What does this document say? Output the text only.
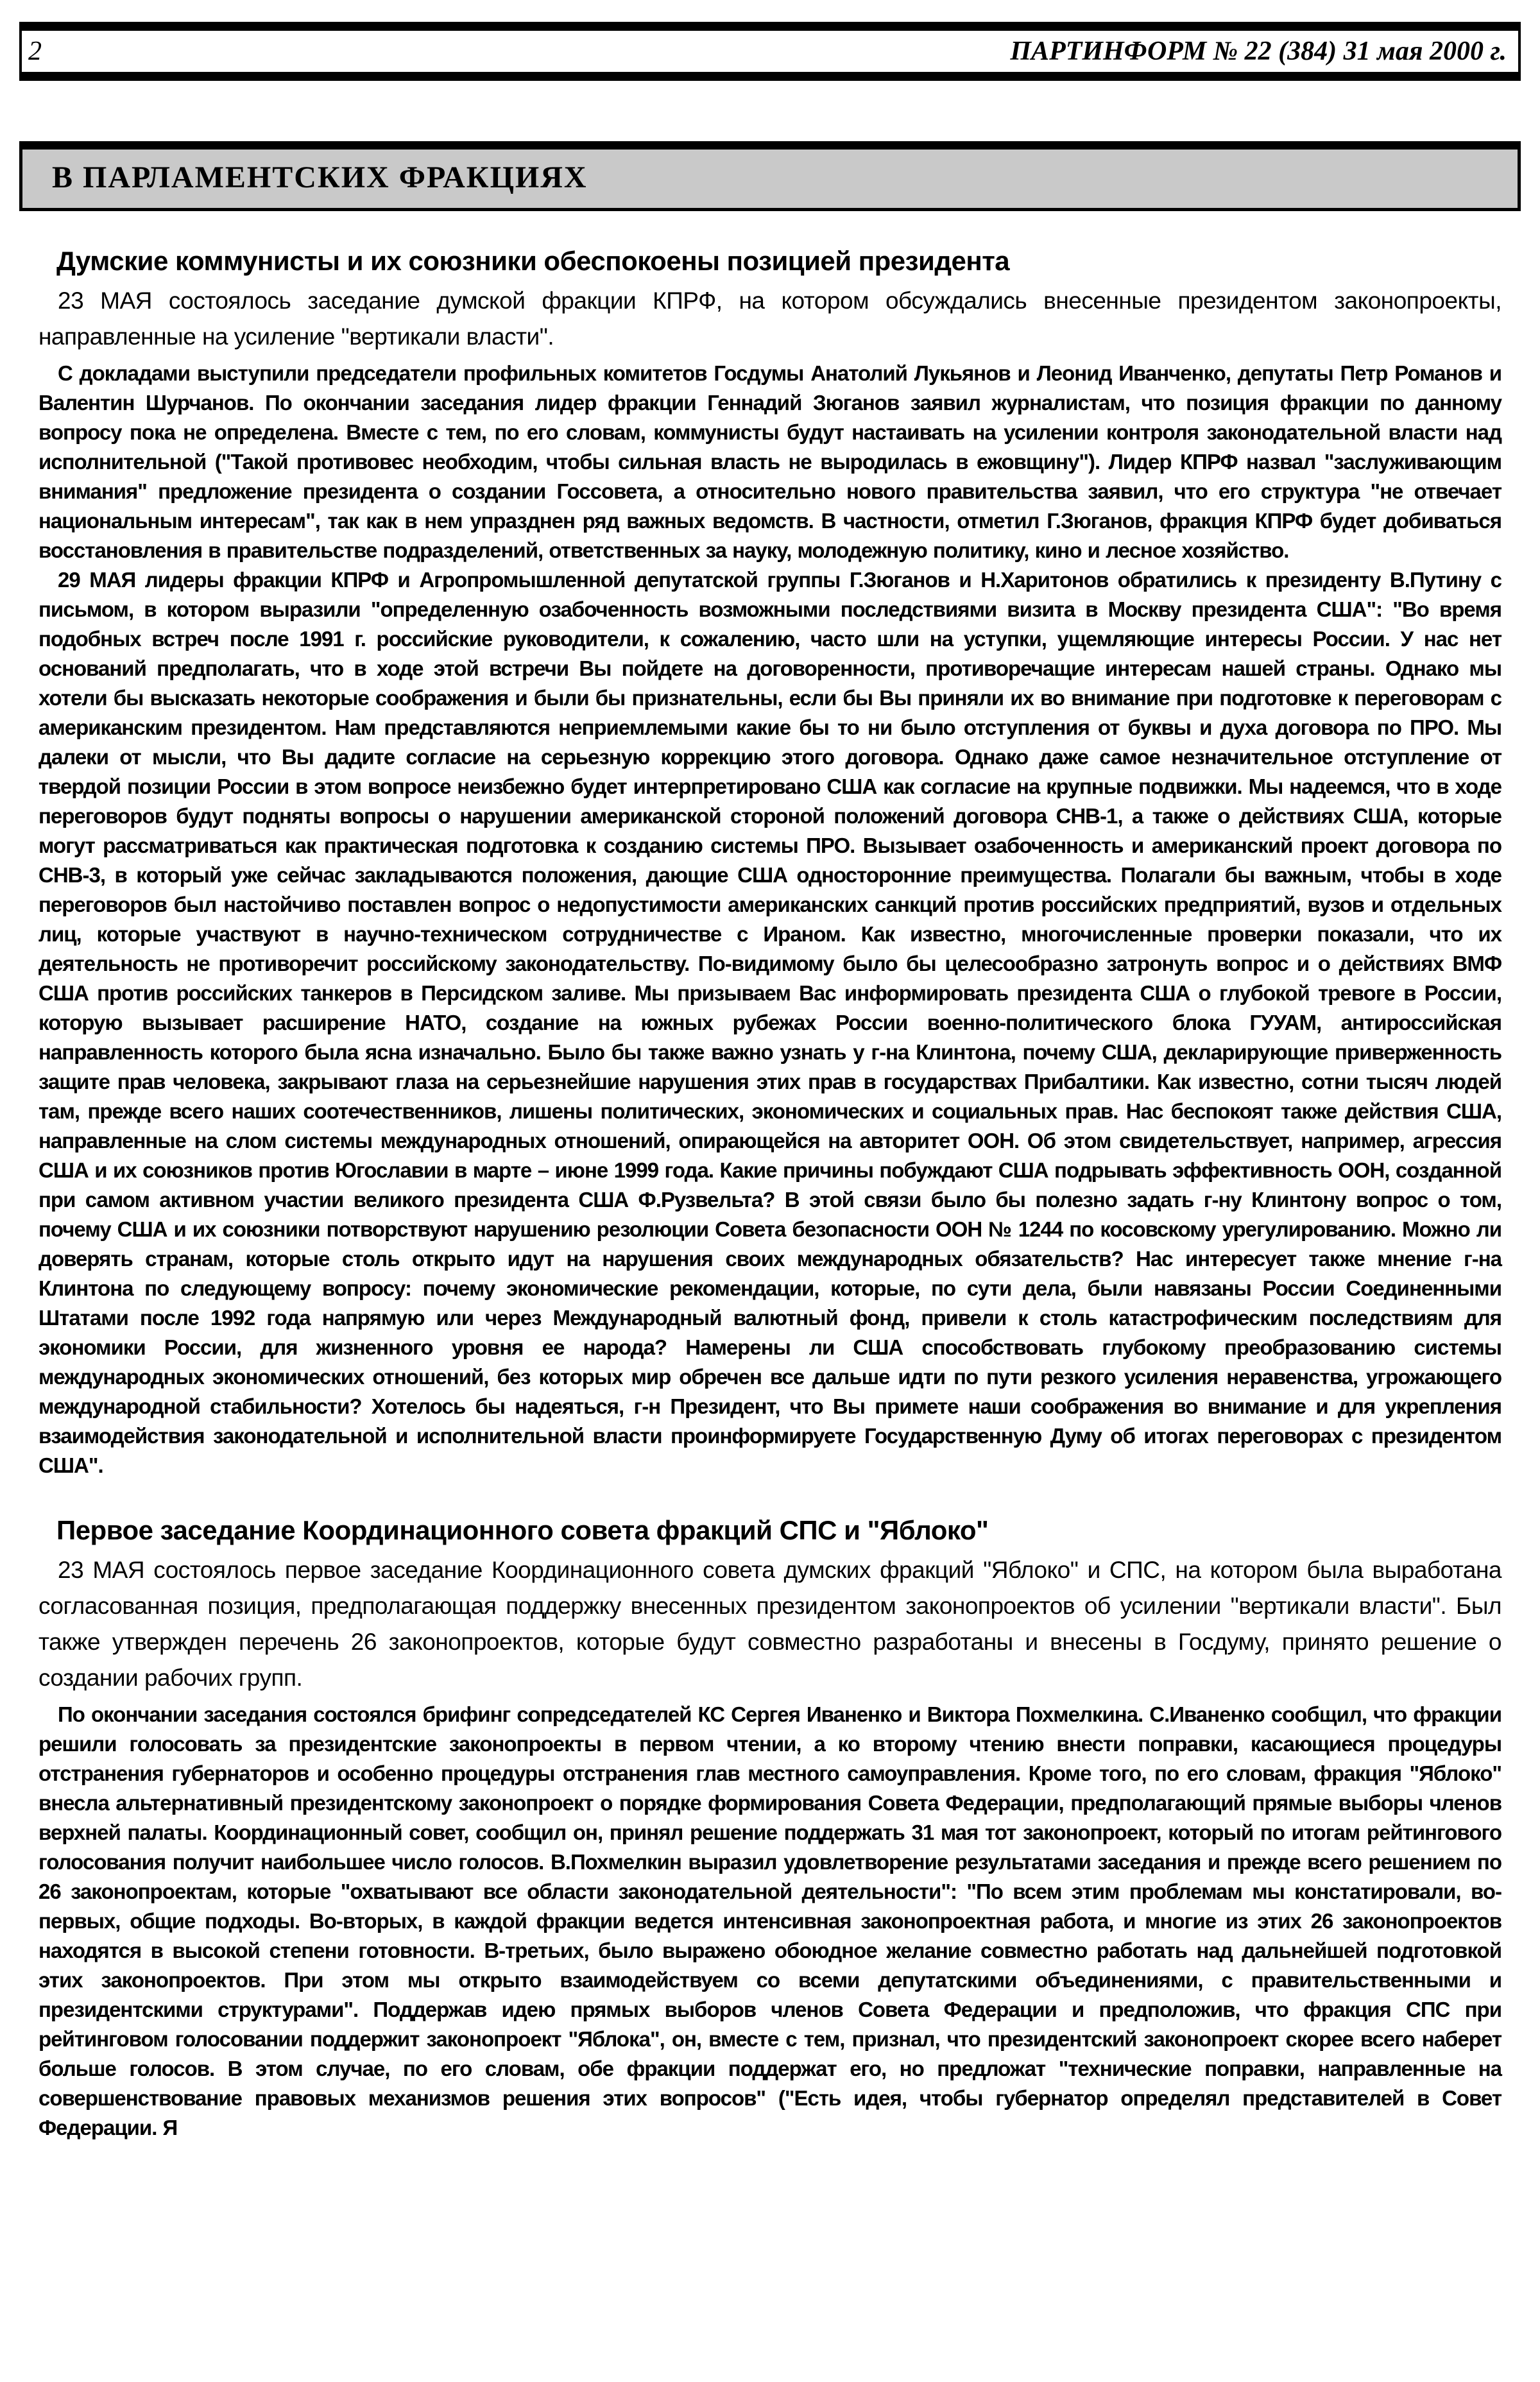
2	ПАРТИНФОРМ № 22 (384) 31 мая 2000 г.
В ПАРЛАМЕНТСКИХ ФРАКЦИЯХ
Думские коммунисты и их союзники обеспокоены позицией президента

23 МАЯ состоялось заседание думской фракции КПРФ, на котором обсуждались внесенные президентом законопроекты, направленные на усиление "вертикали власти".

С докладами выступили председатели профильных комитетов Госдумы Анатолий Лукьянов и Леонид Иванченко, депутаты Петр Романов и Валентин Шурчанов. По окончании заседания лидер фракции Геннадий Зюганов заявил журналистам, что позиция фракции по данному вопросу пока не определена. Вместе с тем, по его словам, коммунисты будут настаивать на усилении контроля законодательной власти над исполнительной ("Такой противовес необходим, чтобы сильная власть не выродилась в ежовщину"). Лидер КПРФ назвал "заслуживающим внимания" предложение президента о создании Госсовета, а относительно нового правительства заявил, что его структура "не отвечает национальным интересам", так как в нем упразднен ряд важных ведомств. В частности, отметил Г.Зюганов, фракция КПРФ будет добиваться восстановления в правительстве подразделений, ответственных за науку, молодежную политику, кино и лесное хозяйство.

29 МАЯ лидеры фракции КПРФ и Агропромышленной депутатской группы Г.Зюганов и Н.Харитонов обратились к президенту В.Путину с письмом, в котором выразили "определенную озабоченность возможными последствиями визита в Москву президента США": "Во время подобных встреч после 1991 г. российские руководители, к сожалению, часто шли на уступки, ущемляющие интересы России. У нас нет оснований предполагать, что в ходе этой встречи Вы пойдете на договоренности, противоречащие интересам нашей страны. Однако мы хотели бы высказать некоторые соображения и были бы признательны, если бы Вы приняли их во внимание при подготовке к переговорам с американским президентом. Нам представляются неприемлемыми какие бы то ни было отступления от буквы и духа договора по ПРО. Мы далеки от мысли, что Вы дадите согласие на серьезную коррекцию этого договора. Однако даже самое незначительное отступление от твердой позиции России в этом вопросе неизбежно будет интерпретировано США как согласие на крупные подвижки. Мы надеемся, что в ходе переговоров будут подняты вопросы о нарушении американской стороной положений договора СНВ-1, а также о действиях США, которые могут рассматриваться как практическая подготовка к созданию системы ПРО. Вызывает озабоченность и американский проект договора по СНВ-3, в который уже сейчас закладываются положения, дающие США односторонние преимущества. Полагали бы важным, чтобы в ходе переговоров был настойчиво поставлен вопрос о недопустимости американских санкций против российских предприятий, вузов и отдельных лиц, которые участвуют в научно-техническом сотрудничестве с Ираном. Как известно, многочисленные проверки показали, что их деятельность не противоречит российскому законодательству. По-видимому было бы целесообразно затронуть вопрос и о действиях ВМФ США против российских танкеров в Персидском заливе. Мы призываем Вас информировать президента США о глубокой тревоге в России, которую вызывает расширение НАТО, создание на южных рубежах России военно-политического блока ГУУАМ, антироссийская направленность которого была ясна изначально. Было бы также важно узнать у г-на Клинтона, почему США, декларирующие приверженность защите прав человека, закрывают глаза на серьезнейшие нарушения этих прав в государствах Прибалтики. Как известно, сотни тысяч людей там, прежде всего наших соотечественников, лишены политических, экономических и социальных прав. Нас беспокоят также действия США, направленные на слом системы международных отношений, опирающейся на авторитет ООН. Об этом свидетельствует, например, агрессия США и их союзников против Югославии в марте – июне 1999 года. Какие причины побуждают США подрывать эффективность ООН, созданной при самом активном участии великого президента США Ф.Рузвельта? В этой связи было бы полезно задать г-ну Клинтону вопрос о том, почему США и их союзники потворствуют нарушению резолюции Совета безопасности ООН № 1244 по косовскому урегулированию. Можно ли доверять странам, которые столь открыто идут на нарушения своих международных обязательств? Нас интересует также мнение г-на Клинтона по следующему вопросу: почему экономические рекомендации, которые, по сути дела, были навязаны России Соединенными Штатами после 1992 года напрямую или через Международный валютный фонд, привели к столь катастрофическим последствиям для экономики России, для жизненного уровня ее народа? Намерены ли США способствовать глубокому преобразованию системы международных экономических отношений, без которых мир обречен все дальше идти по пути резкого усиления неравенства, угрожающего международной стабильности? Хотелось бы надеяться, г-н Президент, что Вы примете наши соображения во внимание и для укрепления взаимодействия законодательной и исполнительной власти проинформируете Государственную Думу об итогах переговорах с президентом США".

Первое заседание Координационного совета фракций СПС и "Яблоко"

23 МАЯ состоялось первое заседание Координационного совета думских фракций "Яблоко" и СПС, на котором была выработана согласованная позиция, предполагающая поддержку внесенных президентом законопроектов об усилении "вертикали власти". Был также утвержден перечень 26 законопроектов, которые будут совместно разработаны и внесены в Госдуму, принято решение о создании рабочих групп.

По окончании заседания состоялся брифинг сопредседателей КС Сергея Иваненко и Виктора Похмелкина. С.Иваненко сообщил, что фракции решили голосовать за президентские законопроекты в первом чтении, а ко второму чтению внести поправки, касающиеся процедуры отстранения губернаторов и особенно процедуры отстранения глав местного самоуправления. Кроме того, по его словам, фракция "Яблоко" внесла альтернативный президентскому законопроект о порядке формирования Совета Федерации, предполагающий прямые выборы членов верхней палаты. Координационный совет, сообщил он, принял решение поддержать 31 мая тот законопроект, который по итогам рейтингового голосования получит наибольшее число голосов. В.Похмелкин выразил удовлетворение результатами заседания и прежде всего решением по 26 законопроектам, которые "охватывают все области законодательной деятельности": "По всем этим проблемам мы констатировали, во-первых, общие подходы. Во-вторых, в каждой фракции ведется интенсивная законопроектная работа, и многие из этих 26 законопроектов находятся в высокой степени готовности. В-третьих, было выражено обоюдное желание совместно работать над дальнейшей подготовкой этих законопроектов. При этом мы открыто взаимодействуем со всеми депутатскими объединениями, с правительственными и президентскими структурами". Поддержав идею прямых выборов членов Совета Федерации и предположив, что фракция СПС при рейтинговом голосовании поддержит законопроект "Яблока", он, вместе с тем, признал, что президентский законопроект скорее всего наберет больше голосов. В этом случае, по его словам, обе фракции поддержат его, но предложат "технические поправки, направленные на совершенствование правовых механизмов решения этих вопросов" ("Есть идея, чтобы губернатор определял представителей в Совет Федерации. Я
